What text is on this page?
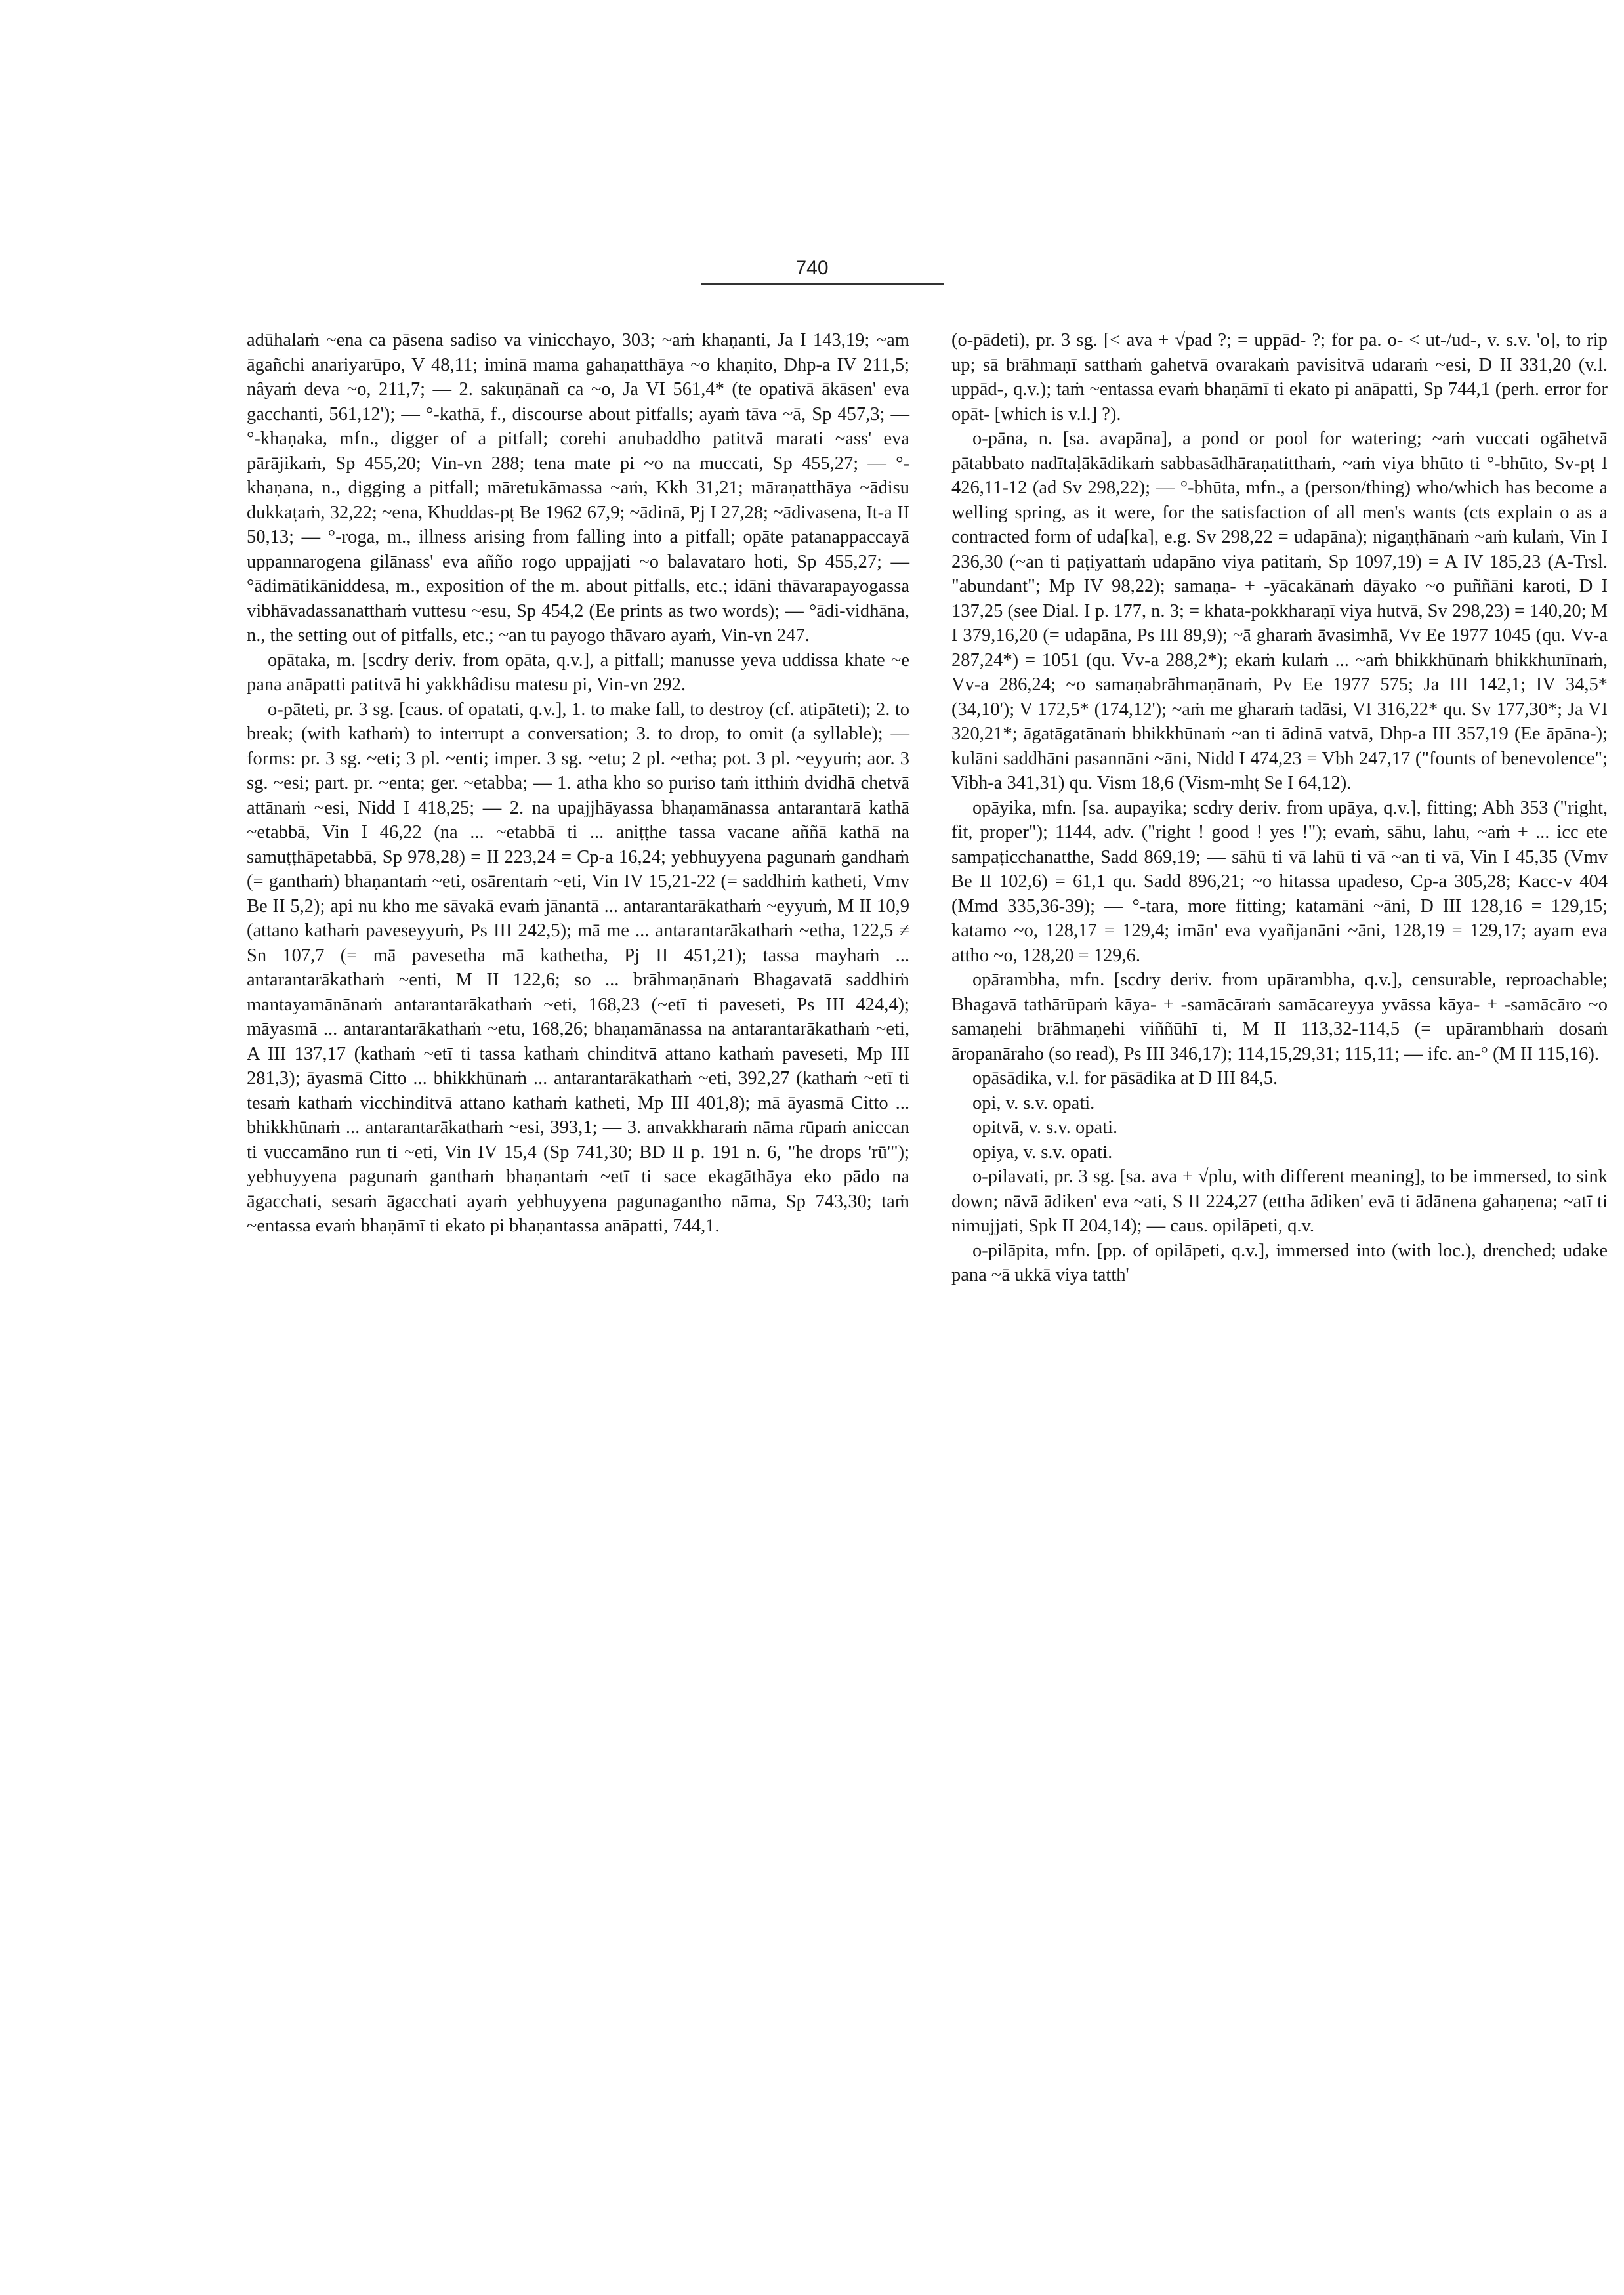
740

adūhalaṁ ~ena ca pāsena sadiso va vinicchayo, 303; ~aṁ khaṇanti, Ja I 143,19; ~am āgañchi anariyarūpo, V 48,11; iminā mama gahaṇatthāya ~o khaṇito, Dhp-a IV 211,5; nâyaṁ deva ~o, 211,7; — 2. sakuṇānañ ca ~o, Ja VI 561,4* (te opativā ākāsen' eva gacchanti, 561,12'); — °-kathā, f., discourse about pitfalls; ayaṁ tāva ~ā, Sp 457,3; — °-khaṇaka, mfn., digger of a pitfall; corehi anubaddho patitvā marati ~ass' eva pārājikaṁ, Sp 455,20; Vin-vn 288; tena mate pi ~o na muccati, Sp 455,27; — °-khaṇana, n., digging a pitfall; māretukāmassa ~aṁ, Kkh 31,21; māraṇatthāya ~ādisu dukkaṭaṁ, 32,22; ~ena, Khuddas-pṭ Be 1962 67,9; ~ādinā, Pj I 27,28; ~ādivasena, It-a II 50,13; — °-roga, m., illness arising from falling into a pitfall; opāte patanappaccayā uppannarogena gilānass' eva añño rogo uppajjati ~o balavataro hoti, Sp 455,27; — °ādimātikāniddesa, m., exposition of the m. about pitfalls, etc.; idāni thāvarapayogassa vibhāvadassanatthaṁ vuttesu ~esu, Sp 454,2 (Ee prints as two words); — °ādi-vidhāna, n., the setting out of pitfalls, etc.; ~an tu payogo thāvaro ayaṁ, Vin-vn 247.

opātaka, m. [scdry deriv. from opāta, q.v.], a pitfall; manusse yeva uddissa khate ~e pana anāpatti patitvā hi yakkhâdisu matesu pi, Vin-vn 292.

o-pāteti, pr. 3 sg. [caus. of opatati, q.v.], 1. to make fall, to destroy (cf. atipāteti); 2. to break; (with kathaṁ) to interrupt a conversation; 3. to drop, to omit (a syllable); —forms: pr. 3 sg. ~eti; 3 pl. ~enti; imper. 3 sg. ~etu; 2 pl. ~etha; pot. 3 pl. ~eyyuṁ; aor. 3 sg. ~esi; part. pr. ~enta; ger. ~etabba; — 1. atha kho so puriso taṁ itthiṁ dvidhā chetvā attānaṁ ~esi, Nidd I 418,25; — 2. na upajjhāyassa bhaṇamānassa antarantarā kathā ~etabbā, Vin I 46,22 (na ... ~etabbā ti ... aniṭṭhe tassa vacane aññā kathā na samuṭṭhāpetabbā, Sp 978,28) = II 223,24 = Cp-a 16,24; yebhuyyena pagunaṁ gandhaṁ (= ganthaṁ) bhaṇantaṁ ~eti, osārentaṁ ~eti, Vin IV 15,21-22 (= saddhiṁ katheti, Vmv Be II 5,2); api nu kho me sāvakā evaṁ jānantā ... antarantarākathaṁ ~eyyuṁ, M II 10,9 (attano kathaṁ paveseyyuṁ, Ps III 242,5); mā me ... antarantarākathaṁ ~etha, 122,5 ≠ Sn 107,7 (= mā pavesetha mā kathetha, Pj II 451,21); tassa mayhaṁ ... antarantarākathaṁ ~enti, M II 122,6; so ... brāhmaṇānaṁ Bhagavatā saddhiṁ mantayamānānaṁ antarantarākathaṁ ~eti, 168,23 (~etī ti paveseti, Ps III 424,4); māyasmā ... antarantarākathaṁ ~etu, 168,26; bhaṇamānassa na antarantarākathaṁ ~eti, A III 137,17 (kathaṁ ~etī ti tassa kathaṁ chinditvā attano kathaṁ paveseti, Mp III 281,3); āyasmā Citto ... bhikkhūnaṁ ... antarantarākathaṁ ~eti, 392,27 (kathaṁ ~etī ti tesaṁ kathaṁ vicchinditvā attano kathaṁ katheti, Mp III 401,8); mā āyasmā Citto ... bhikkhūnaṁ ... antarantarākathaṁ ~esi, 393,1; — 3. anvakkharaṁ nāma rūpaṁ aniccan ti vuccamāno run ti ~eti, Vin IV 15,4 (Sp 741,30; BD II p. 191 n. 6, "he drops 'rū'"); yebhuyyena pagunaṁ ganthaṁ bhaṇantaṁ ~etī ti sace ekagāthāya eko pādo na āgacchati, sesaṁ āgacchati ayaṁ yebhuyyena pagunagantho nāma, Sp 743,30; taṁ ~entassa evaṁ bhaṇāmī ti ekato pi bhaṇantassa anāpatti, 744,1.

(o-pādeti), pr. 3 sg. [< ava + √pad ?; = uppād- ?; for pa. o- < ut-/ud-, v. s.v. 'o], to rip up; sā brāhmaṇī satthaṁ gahetvā ovarakaṁ pavisitvā udaraṁ ~esi, D II 331,20 (v.l. uppād-, q.v.); taṁ ~entassa evaṁ bhaṇāmī ti ekato pi anāpatti, Sp 744,1 (perh. error for opāt- [which is v.l.] ?).

o-pāna, n. [sa. avapāna], a pond or pool for watering; ~aṁ vuccati ogāhetvā pātabbato nadītaḷākādikaṁ sabbasādhāraṇatitthaṁ, ~aṁ viya bhūto ti °-bhūto, Sv-pṭ I 426,11-12 (ad Sv 298,22); — °-bhūta, mfn., a (person/thing) who/which has become a welling spring, as it were, for the satisfaction of all men's wants (cts explain o as a contracted form of uda[ka], e.g. Sv 298,22 = udapāna); nigaṇṭhānaṁ ~aṁ kulaṁ, Vin I 236,30 (~an ti paṭiyattaṁ udapāno viya patitaṁ, Sp 1097,19) = A IV 185,23 (A-Trsl. "abundant"; Mp IV 98,22); samaṇa- + -yācakānaṁ dāyako ~o puññāni karoti, D I 137,25 (see Dial. I p. 177, n. 3; = khata-pokkharaṇī viya hutvā, Sv 298,23) = 140,20; M I 379,16,20 (= udapāna, Ps III 89,9); ~ā gharaṁ āvasimhā, Vv Ee 1977 1045 (qu. Vv-a 287,24*) = 1051 (qu. Vv-a 288,2*); ekaṁ kulaṁ ... ~aṁ bhikkhūnaṁ bhikkhunīnaṁ, Vv-a 286,24; ~o samaṇabrāhmaṇānaṁ, Pv Ee 1977 575; Ja III 142,1; IV 34,5* (34,10'); V 172,5* (174,12'); ~aṁ me gharaṁ tadāsi, VI 316,22* qu. Sv 177,30*; Ja VI 320,21*; āgatāgatānaṁ bhikkhūnaṁ ~an ti ādinā vatvā, Dhp-a III 357,19 (Ee āpāna-); kulāni saddhāni pasannāni ~āni, Nidd I 474,23 = Vbh 247,17 ("founts of benevolence"; Vibh-a 341,31) qu. Vism 18,6 (Vism-mhṭ Se I 64,12).

opāyika, mfn. [sa. aupayika; scdry deriv. from upāya, q.v.], fitting; Abh 353 ("right, fit, proper"); 1144, adv. ("right ! good ! yes !"); evaṁ, sāhu, lahu, ~aṁ + ... icc ete sampaṭicchanatthe, Sadd 869,19; — sāhū ti vā lahū ti vā ~an ti vā, Vin I 45,35 (Vmv Be II 102,6) = 61,1 qu. Sadd 896,21; ~o hitassa upadeso, Cp-a 305,28; Kacc-v 404 (Mmd 335,36-39); — °-tara, more fitting; katamāni ~āni, D III 128,16 = 129,15; katamo ~o, 128,17 = 129,4; imān' eva vyañjanāni ~āni, 128,19 = 129,17; ayam eva attho ~o, 128,20 = 129,6.

opārambha, mfn. [scdry deriv. from upārambha, q.v.], censurable, reproachable; Bhagavā tathārūpaṁ kāya- + -samācāraṁ samācareyya yvāssa kāya- + -samācāro ~o samaṇehi brāhmaṇehi viññūhī ti, M II 113,32-114,5 (= upārambhaṁ dosaṁ āropanāraho (so read), Ps III 346,17); 114,15,29,31; 115,11; — ifc. an-° (M II 115,16).

opāsādika, v.l. for pāsādika at D III 84,5.

opi, v. s.v. opati.

opitvā, v. s.v. opati.

opiya, v. s.v. opati.

o-pilavati, pr. 3 sg. [sa. ava + √plu, with different meaning], to be immersed, to sink down; nāvā ādiken' eva ~ati, S II 224,27 (ettha ādiken' evā ti ādānena gahaṇena; ~atī ti nimujjati, Spk II 204,14); — caus. opilāpeti, q.v.

o-pilāpita, mfn. [pp. of opilāpeti, q.v.], immersed into (with loc.), drenched; udake pana ~ā ukkā viya tatth'
